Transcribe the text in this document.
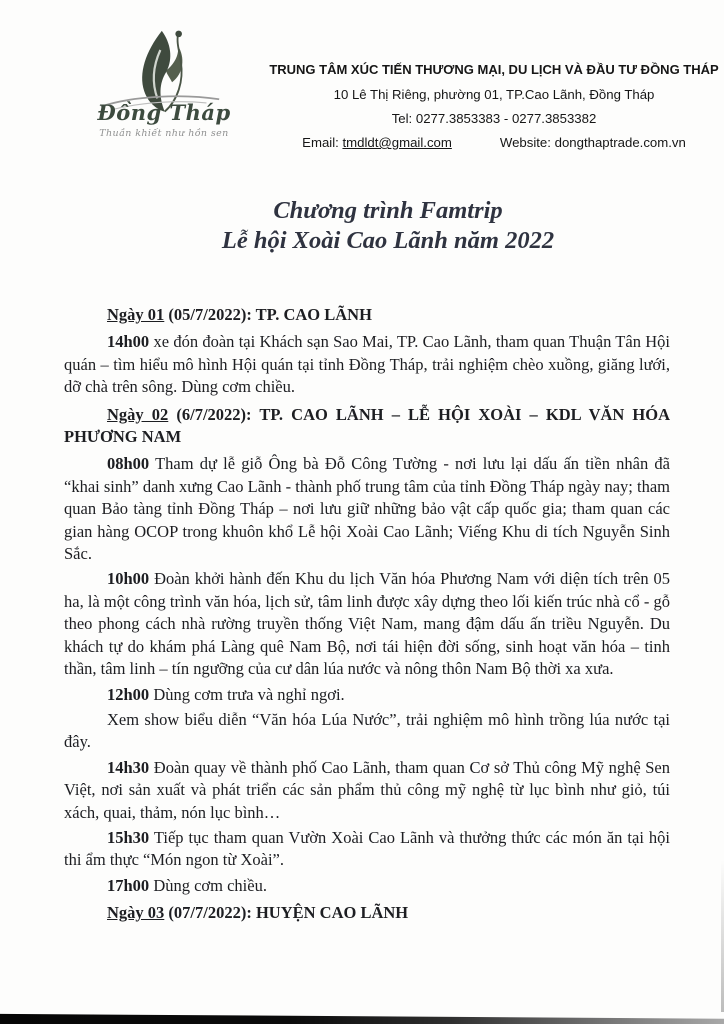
Đồng Tháp
Thuần khiết như hồn sen
TRUNG TÂM XÚC TIẾN THƯƠNG MẠI, DU LỊCH VÀ ĐẦU TƯ ĐỒNG THÁP
10 Lê Thị Riêng, phường 01, TP.Cao Lãnh, Đồng Tháp
Tel: 0277.3853383 - 0277.3853382
Email: tmdldt@gmail.com	Website: dongthaptrade.com.vn
Chương trình Famtrip
Lễ hội Xoài Cao Lãnh năm 2022

Ngày 01 (05/7/2022): TP. CAO LÃNH

14h00 xe đón đoàn tại Khách sạn Sao Mai, TP. Cao Lãnh, tham quan Thuận Tân Hội quán – tìm hiểu mô hình Hội quán tại tỉnh Đồng Tháp, trải nghiệm chèo xuồng, giăng lưới, dỡ chà trên sông. Dùng cơm chiều.

Ngày 02 (6/7/2022): TP. CAO LÃNH – LỄ HỘI XOÀI – KDL VĂN HÓA PHƯƠNG NAM

08h00 Tham dự lễ giỗ Ông bà Đỗ Công Tường - nơi lưu lại dấu ấn tiền nhân đã “khai sinh” danh xưng Cao Lãnh - thành phố trung tâm của tỉnh Đồng Tháp ngày nay; tham quan Bảo tàng tỉnh Đồng Tháp – nơi lưu giữ những bảo vật cấp quốc gia; tham quan các gian hàng OCOP trong khuôn khổ Lễ hội Xoài Cao Lãnh; Viếng Khu di tích Nguyễn Sinh Sắc.

10h00 Đoàn khởi hành đến Khu du lịch Văn hóa Phương Nam với diện tích trên 05 ha, là một công trình văn hóa, lịch sử, tâm linh được xây dựng theo lối kiến trúc nhà cổ - gỗ theo phong cách nhà rường truyền thống Việt Nam, mang đậm dấu ấn triều Nguyễn. Du khách tự do khám phá Làng quê Nam Bộ, nơi tái hiện đời sống, sinh hoạt văn hóa – tinh thần, tâm linh – tín ngưỡng của cư dân lúa nước và nông thôn Nam Bộ thời xa xưa.

12h00 Dùng cơm trưa và nghỉ ngơi.

Xem show biểu diễn “Văn hóa Lúa Nước”, trải nghiệm mô hình trồng lúa nước tại đây.

14h30 Đoàn quay về thành phố Cao Lãnh, tham quan Cơ sở Thủ công Mỹ nghệ Sen Việt, nơi sản xuất và phát triển các sản phẩm thủ công mỹ nghệ từ lục bình như giỏ, túi xách, quai, thảm, nón lục bình…

15h30 Tiếp tục tham quan Vườn Xoài Cao Lãnh và thưởng thức các món ăn tại hội thi ẩm thực “Món ngon từ Xoài”.

17h00 Dùng cơm chiều.

Ngày 03 (07/7/2022): HUYỆN CAO LÃNH
